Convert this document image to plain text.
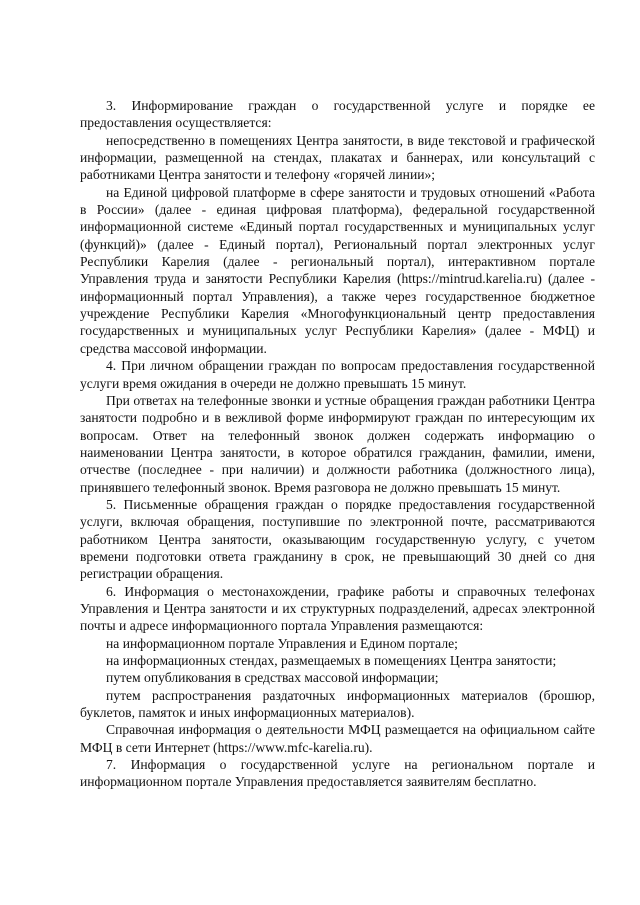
3. Информирование граждан о государственной услуге и порядке ее предоставления осуществляется:

непосредственно в помещениях Центра занятости, в виде текстовой и графической информации, размещенной на стендах, плакатах и баннерах, или консультаций с работниками Центра занятости и телефону «горячей линии»;

на Единой цифровой платформе в сфере занятости и трудовых отношений «Работа в России» (далее - единая цифровая платформа), федеральной государственной информационной системе «Единый портал государственных и муниципальных услуг (функций)» (далее - Единый портал), Региональный портал электронных услуг Республики Карелия (далее - региональный портал), интерактивном портале Управления труда и занятости Республики Карелия (https://mintrud.karelia.ru) (далее - информационный портал Управления), а также через государственное бюджетное учреждение Республики Карелия «Многофункциональный центр предоставления государственных и муниципальных услуг Республики Карелия» (далее - МФЦ) и средства массовой информации.

4. При личном обращении граждан по вопросам предоставления государственной услуги время ожидания в очереди не должно превышать 15 минут.

При ответах на телефонные звонки и устные обращения граждан работники Центра занятости подробно и в вежливой форме информируют граждан по интересующим их вопросам. Ответ на телефонный звонок должен содержать информацию о наименовании Центра занятости, в которое обратился гражданин, фамилии, имени, отчестве (последнее - при наличии) и должности работника (должностного лица), принявшего телефонный звонок. Время разговора не должно превышать 15 минут.

5. Письменные обращения граждан о порядке предоставления государственной услуги, включая обращения, поступившие по электронной почте, рассматриваются работником Центра занятости, оказывающим государственную услугу, с учетом времени подготовки ответа гражданину в срок, не превышающий 30 дней со дня регистрации обращения.

6. Информация о местонахождении, графике работы и справочных телефонах Управления и Центра занятости и их структурных подразделений, адресах электронной почты и адресе информационного портала Управления размещаются:

на информационном портале Управления и Едином портале;

на информационных стендах, размещаемых в помещениях Центра занятости;

путем опубликования в средствах массовой информации;

путем распространения раздаточных информационных материалов (брошюр, буклетов, памяток и иных информационных материалов).

Справочная информация о деятельности МФЦ размещается на официальном сайте МФЦ в сети Интернет (https://www.mfc-karelia.ru).

7. Информация о государственной услуге на региональном портале и информационном портале Управления предоставляется заявителям бесплатно.
